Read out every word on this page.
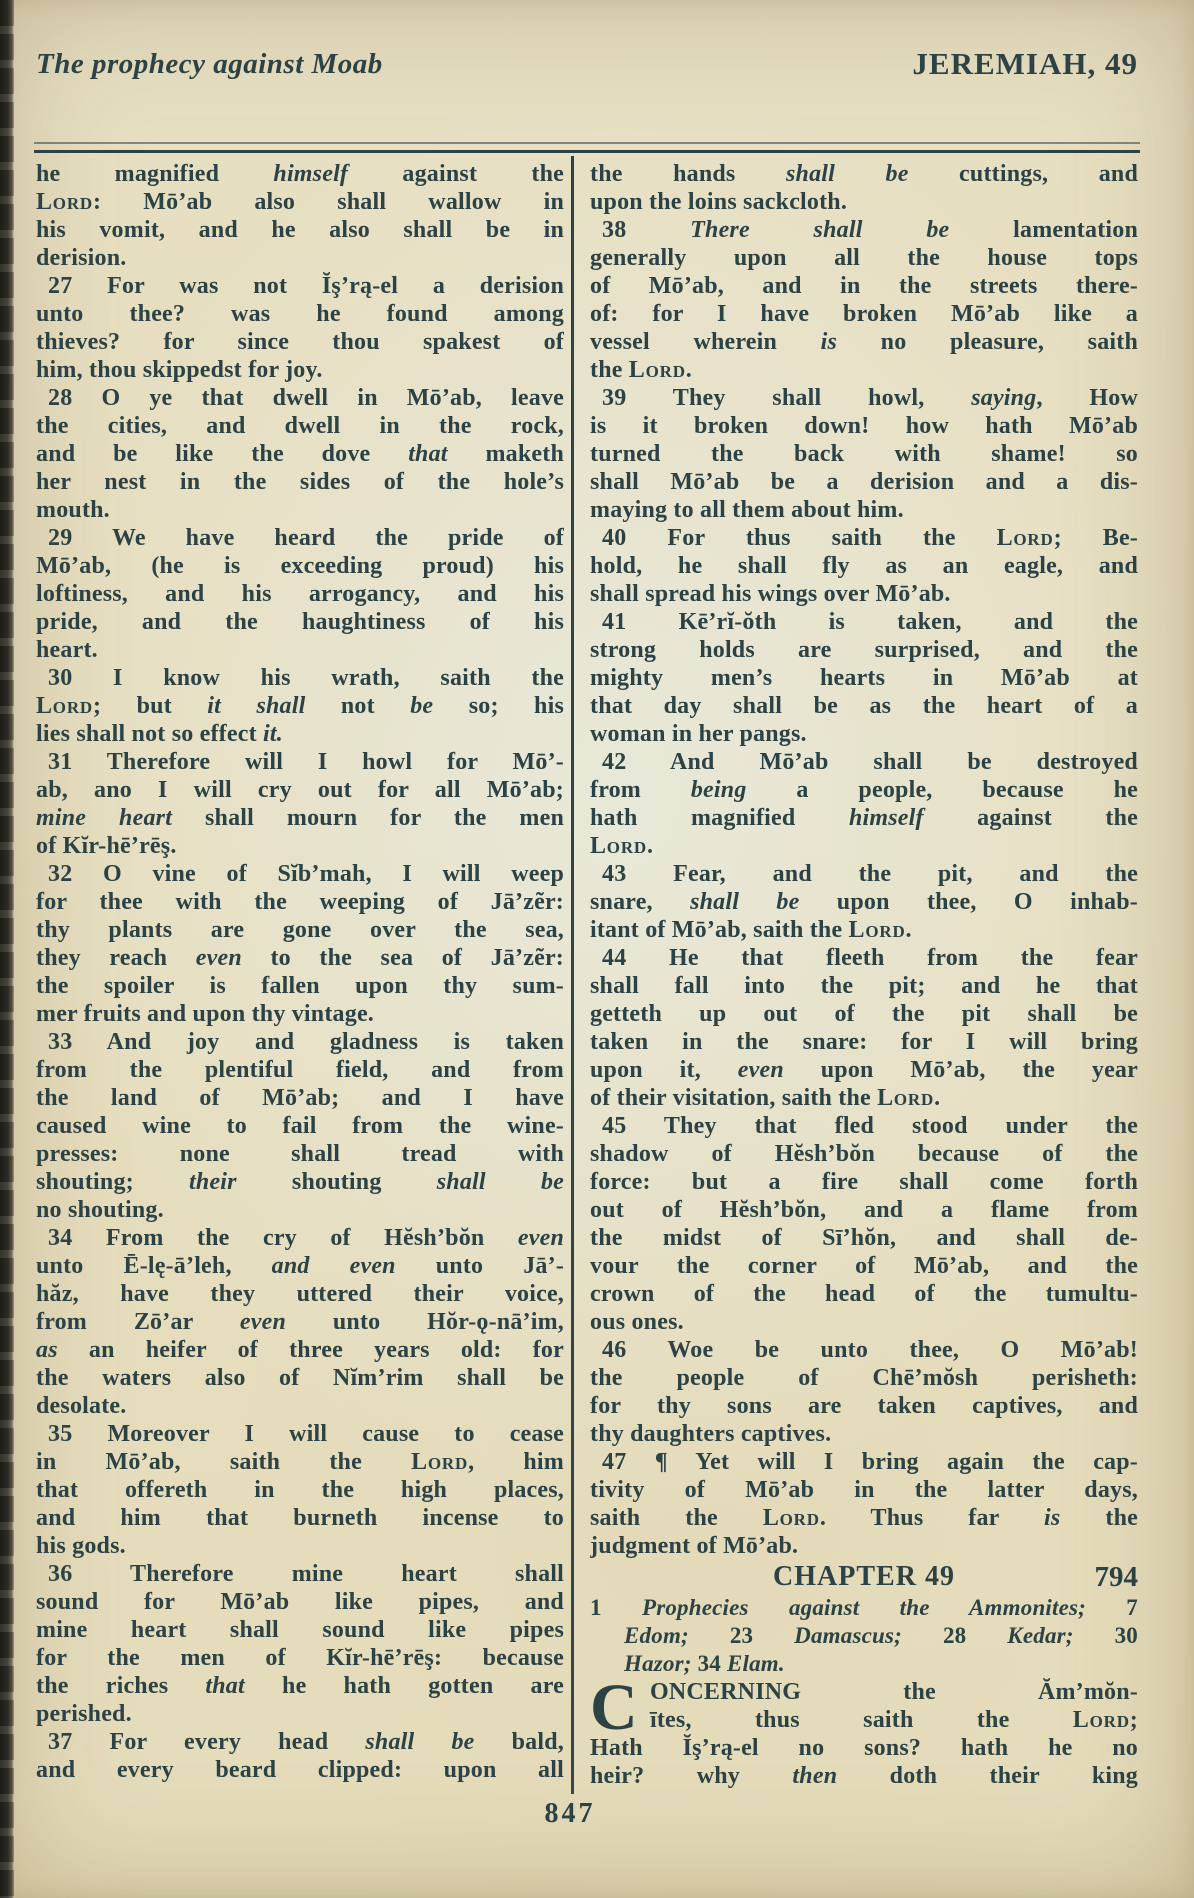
The prophecy against Moab	JEREMIAH, 49
he magnified himself against the
Lord: Mō’ab also shall wallow in
his vomit, and he also shall be in
derision.
27 For was not Ĭş’rą-el a derision
unto thee? was he found among
thieves? for since thou spakest of
him, thou skippedst for joy.
28 O ye that dwell in Mō’ab, leave
the cities, and dwell in the rock,
and be like the dove that maketh
her nest in the sides of the hole’s
mouth.
29 We have heard the pride of
Mō’ab, (he is exceeding proud) his
loftiness, and his arrogancy, and his
pride, and the haughtiness of his
heart.
30 I know his wrath, saith the
Lord; but it shall not be so; his
lies shall not so effect it.
31 Therefore will I howl for Mō’-
ab, ano I will cry out for all Mō’ab;
mine heart shall mourn for the men
of Kĭr-hē’rēş.
32 O vine of Sĭb’mah, I will weep
for thee with the weeping of Jā’zẽr:
thy plants are gone over the sea,
they reach even to the sea of Jā’zẽr:
the spoiler is fallen upon thy sum-
mer fruits and upon thy vintage.
33 And joy and gladness is taken
from the plentiful field, and from
the land of Mō’ab; and I have
caused wine to fail from the wine-
presses: none shall tread with
shouting; their shouting shall be
no shouting.
34 From the cry of Hĕsh’bŏn even
unto Ē-lę-ā’leh, and even unto Jā’-
hăz, have they uttered their voice,
from Zō’ar even unto Hŏr-ǫ-nā’im,
as an heifer of three years old: for
the waters also of Nĭm’rim shall be
desolate.
35 Moreover I will cause to cease
in Mō’ab, saith the Lord, him
that offereth in the high places,
and him that burneth incense to
his gods.
36 Therefore mine heart shall
sound for Mō’ab like pipes, and
mine heart shall sound like pipes
for the men of Kĭr-hē’rēş: because
the riches that he hath gotten are
perished.
37 For every head shall be bald,
and every beard clipped: upon all
the hands shall be cuttings, and
upon the loins sackcloth.
38 There shall be lamentation
generally upon all the house tops
of Mō’ab, and in the streets there-
of: for I have broken Mō’ab like a
vessel wherein is no pleasure, saith
the Lord.
39 They shall howl, saying, How
is it broken down! how hath Mō’ab
turned the back with shame! so
shall Mō’ab be a derision and a dis-
maying to all them about him.
40 For thus saith the Lord; Be-
hold, he shall fly as an eagle, and
shall spread his wings over Mō’ab.
41 Kē’rĭ-ŏth is taken, and the
strong holds are surprised, and the
mighty men’s hearts in Mō’ab at
that day shall be as the heart of a
woman in her pangs.
42 And Mō’ab shall be destroyed
from being a people, because he
hath magnified himself against the
Lord.
43 Fear, and the pit, and the
snare, shall be upon thee, O inhab-
itant of Mō’ab, saith the Lord.
44 He that fleeth from the fear
shall fall into the pit; and he that
getteth up out of the pit shall be
taken in the snare: for I will bring
upon it, even upon Mō’ab, the year
of their visitation, saith the Lord.
45 They that fled stood under the
shadow of Hĕsh’bŏn because of the
force: but a fire shall come forth
out of Hĕsh’bŏn, and a flame from
the midst of Sī’hŏn, and shall de-
vour the corner of Mō’ab, and the
crown of the head of the tumultu-
ous ones.
46 Woe be unto thee, O Mō’ab!
the people of Chē’mŏsh perisheth:
for thy sons are taken captives, and
thy daughters captives.
47 ¶ Yet will I bring again the cap-
tivity of Mō’ab in the latter days,
saith the Lord. Thus far is the
judgment of Mō’ab.
CHAPTER 49	794
1 Prophecies against the Ammonites; 7
Edom; 23 Damascus; 28 Kedar; 30
Hazor; 34 Elam.
C ONCERNING the Ăm’mŏn-
ītes, thus saith the Lord;
Hath Ĭş’rą-el no sons? hath he no
heir? why then doth their king
847
